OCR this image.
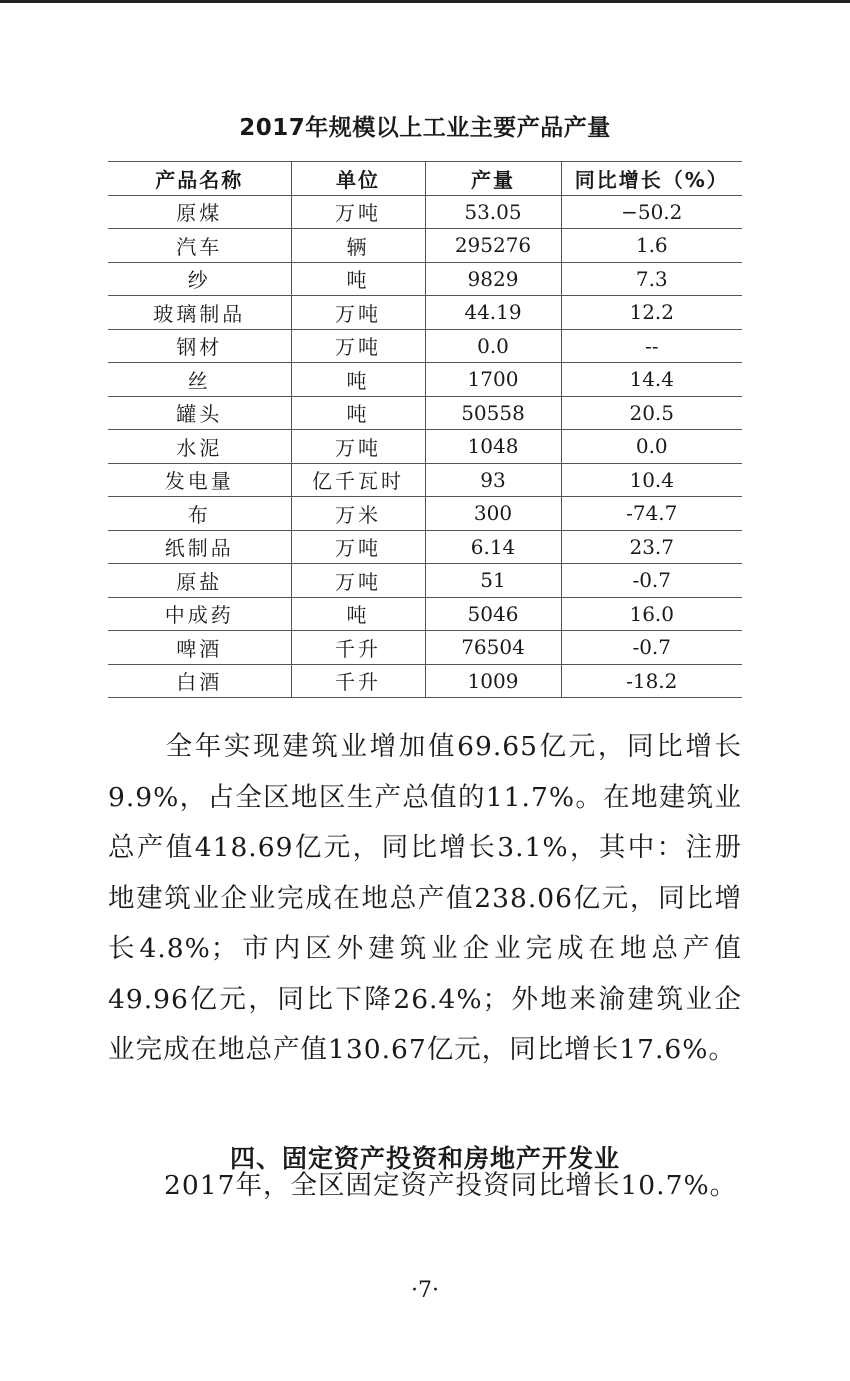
2017年规模以上工业主要产品产量
产品名称	单位	产量	同比增长（%）
原煤	万吨	53.05	−50.2
汽车	辆	295276	1.6
纱	吨	9829	7.3
玻璃制品	万吨	44.19	12.2
钢材	万吨	0.0	--
丝	吨	1700	14.4
罐头	吨	50558	20.5
水泥	万吨	1048	0.0
发电量	亿千瓦时	93	10.4
布	万米	300	-74.7
纸制品	万吨	6.14	23.7
原盐	万吨	51	-0.7
中成药	吨	5046	16.0
啤酒	千升	76504	-0.7
白酒	千升	1009	-18.2
全年实现建筑业增加值69.65亿元，同比增长9.9%，占全区地区生产总值的11.7%。在地建筑业总产值418.69亿元，同比增长3.1%，其中：注册地建筑业企业完成在地总产值238.06亿元，同比增长4.8%；市内区外建筑业企业完成在地总产值49.96亿元，同比下降26.4%；外地来渝建筑业企业完成在地总产值130.67亿元，同比增长17.6%。
四、固定资产投资和房地产开发业
2017年，全区固定资产投资同比增长10.7%。
·7·
